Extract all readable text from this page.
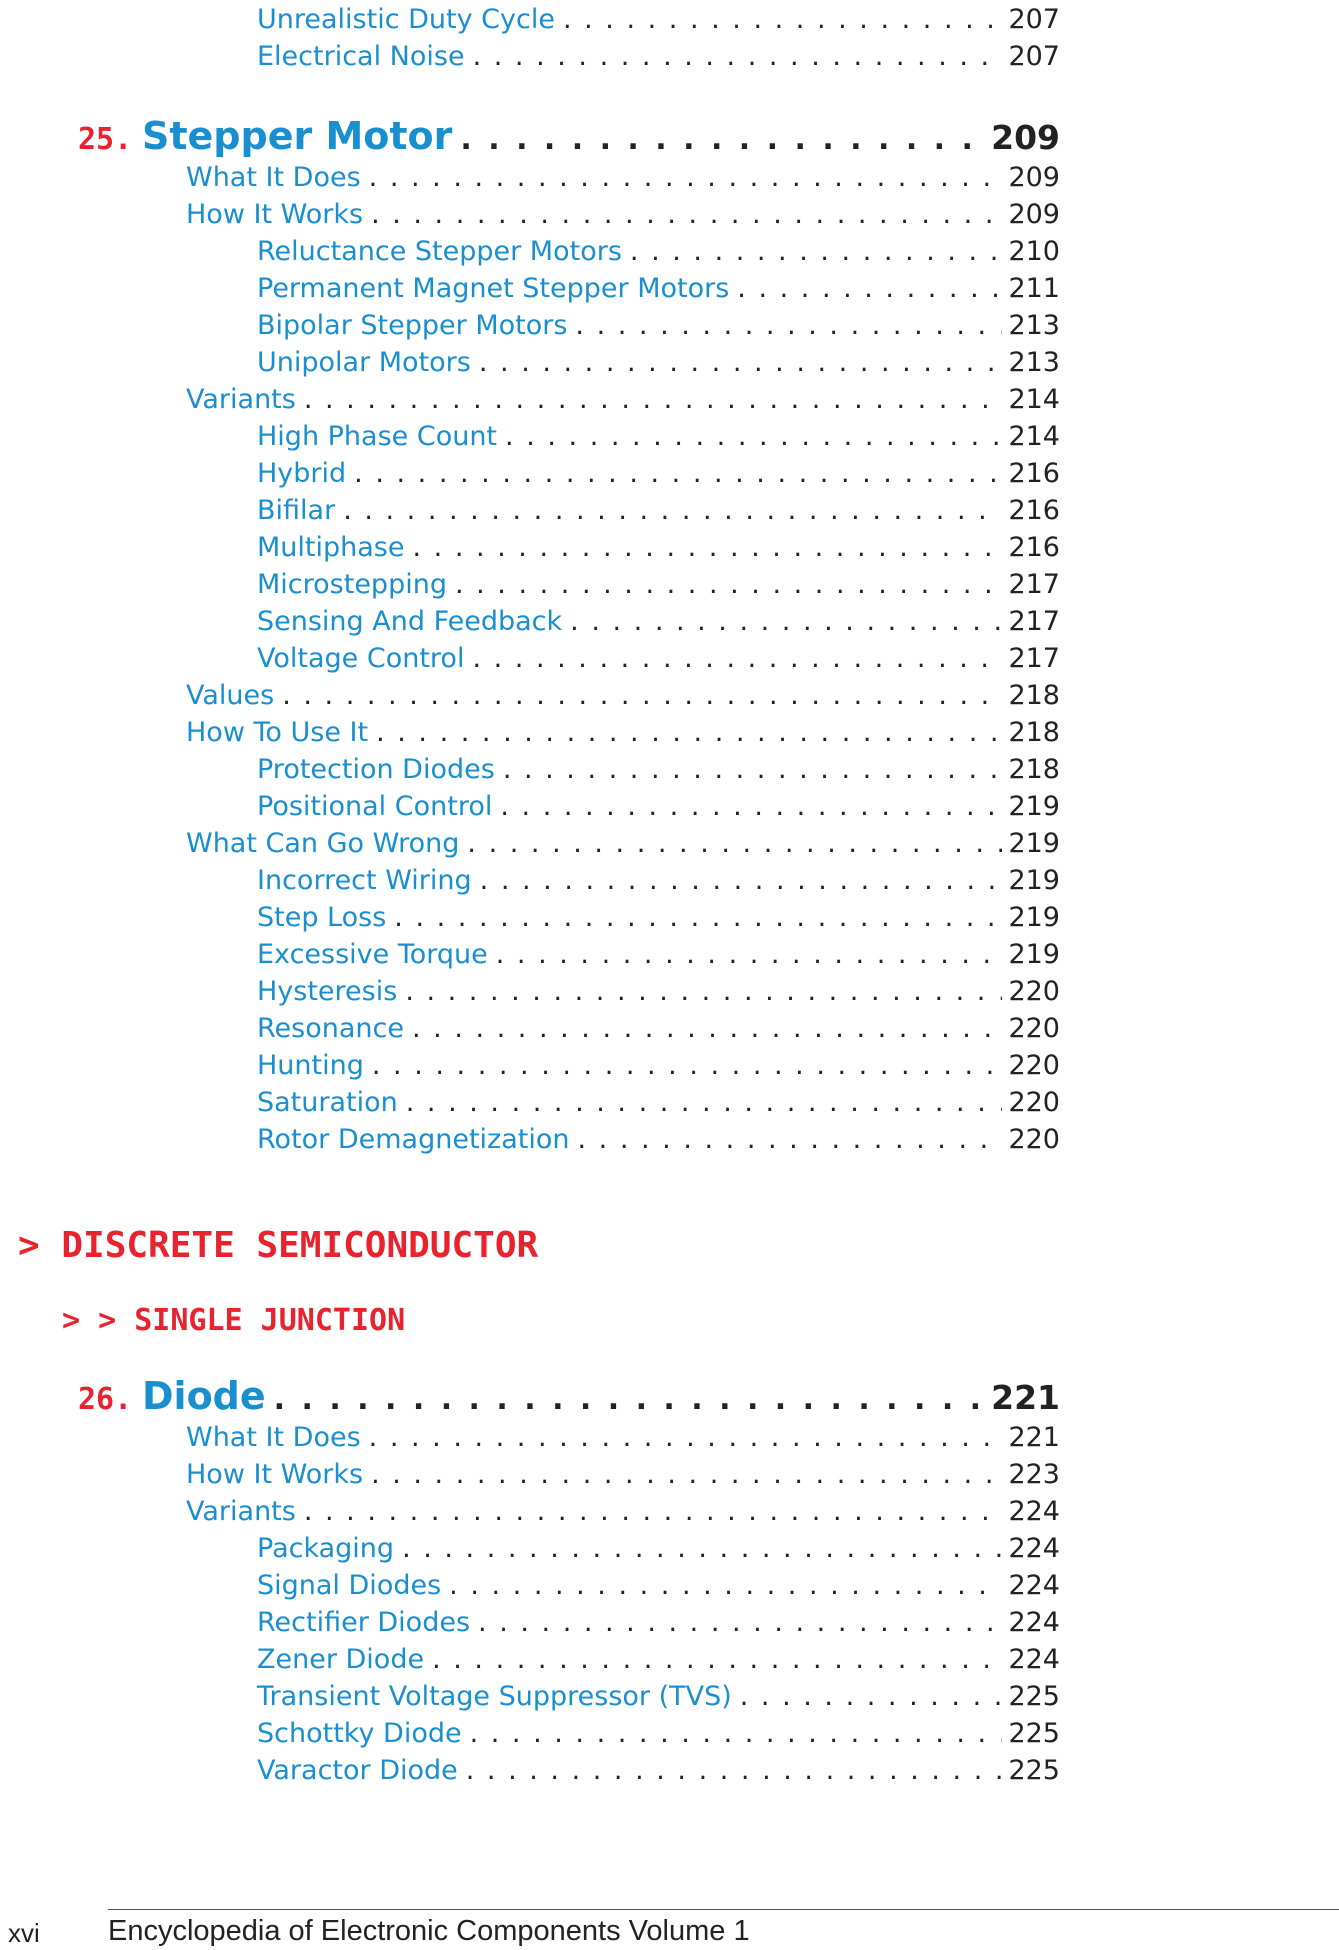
Unrealistic Duty Cycle . . .	207
Electrical Noise . . .	207
25. Stepper Motor . . .	209
What It Does . . .	209
How It Works . . .	209
Reluctance Stepper Motors . . .	210
Permanent Magnet Stepper Motors . . .	211
Bipolar Stepper Motors . . .	213
Unipolar Motors . . .	213
Variants . . .	214
High Phase Count . . .	214
Hybrid . . .	216
Bifilar . . .	216
Multiphase . . .	216
Microstepping . . .	217
Sensing And Feedback . . .	217
Voltage Control . . .	217
Values . . .	218
How To Use It . . .	218
Protection Diodes . . .	218
Positional Control . . .	219
What Can Go Wrong . . .	219
Incorrect Wiring . . .	219
Step Loss . . .	219
Excessive Torque . . .	219
Hysteresis . . .	220
Resonance . . .	220
Hunting . . .	220
Saturation . . .	220
Rotor Demagnetization . . .	220
> DISCRETE SEMICONDUCTOR
> > SINGLE JUNCTION
26. Diode . . .	221
What It Does . . .	221
How It Works . . .	223
Variants . . .	224
Packaging . . .	224
Signal Diodes . . .	224
Rectifier Diodes . . .	224
Zener Diode . . .	224
Transient Voltage Suppressor (TVS) . . .	225
Schottky Diode . . .	225
Varactor Diode . . .	225
xvi Encyclopedia of Electronic Components Volume 1
